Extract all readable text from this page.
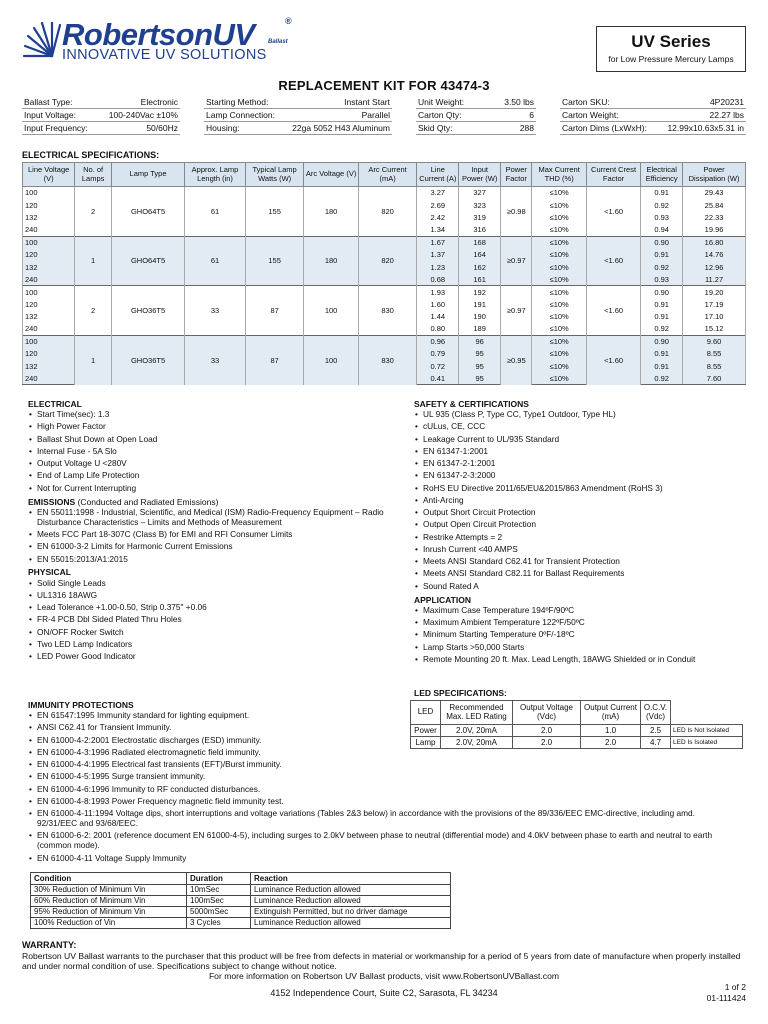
RobertsonUV	®
Ballast
INNOVATIVE UV SOLUTIONS
UV Series
for Low Pressure Mercury Lamps
REPLACEMENT KIT FOR 43474-3
Ballast Type:	Electronic
Input Voltage:	100-240Vac ±10%
Input Frequency:	50/60Hz
Starting Method:	Instant Start
Lamp Connection:	Parallel
Housing:	22ga 5052 H43 Aluminum
Unit Weight:	3.50 lbs
Carton Qty:	6
Skid Qty:	288
Carton SKU:	4P20231
Carton Weight:	22.27 lbs
Carton Dims (LxWxH): 12.99x10.63x5.31 in
ELECTRICAL SPECIFICATIONS:
Line Voltage (V)	No. of Lamps	Lamp Type	Approx. Lamp Length (in)	Typical Lamp Watts (W)	Arc Voltage (V)	Arc Current (mA)	Line Current (A)	Input Power (W)	Power Factor	Max Current THD (%)	Current Crest Factor	Electrical Efficiency	Power Dissipation (W)
100	2	GHO64T5	61	155	180	820	3.27	327	≥0.98	≤10%	<1.60	0.91	29.43
120							2.69	323		≤10%		0.92	25.84
132							2.42	319		≤10%		0.93	22.33
240							1.34	316		≤10%		0.94	19.96
100	1	GHO64T5	61	155	180	820	1.67	168	≥0.97	≤10%	<1.60	0.90	16.80
120							1.37	164		≤10%		0.91	14.76
132							1.23	162		≤10%		0.92	12.96
240							0.68	161		≤10%		0.93	11.27
100	2	GHO36T5	33	87	100	830	1.93	192	≥0.97	≤10%	<1.60	0.90	19.20
120							1.60	191		≤10%		0.91	17.19
132							1.44	190		≤10%		0.91	17.10
240							0.80	189		≤10%		0.92	15.12
100	1	GHO36T5	33	87	100	830	0.96	96	≥0.95	≤10%	<1.60	0.90	9.60
120							0.79	95		≤10%		0.91	8.55
132							0.72	95		≤10%		0.91	8.55
240							0.41	95		≤10%		0.92	7.60
ELECTRICAL
• Start Time(sec): 1.3
• High Power Factor
• Ballast Shut Down at Open Load
• Internal Fuse - 5A Slo
• Output Voltage U <280V
• End of Lamp Life Protection
• Not for Current Interrupting
EMISSIONS (Conducted and Radiated Emissions)
• EN 55011:1998 - Industrial, Scientific, and Medical (ISM) Radio-Frequency Equipment – Radio Disturbance Characteristics – Limits and Methods of Measurement
• Meets FCC Part 18-307C (Class B) for EMI and RFI Consumer Limits
• EN 61000-3-2 Limits for Harmonic Current Emissions
• EN 55015:2013/A1:2015
PHYSICAL
• Solid Single Leads
• UL1316 18AWG
• Lead Tolerance +1.00-0.50, Strip 0.375" +0.06
• FR-4 PCB Dbl Sided Plated Thru Holes
• ON/OFF Rocker Switch
• Two LED Lamp Indicators
• LED Power Good Indicator
IMMUNITY PROTECTIONS
• EN 61547:1995 Immunity standard for lighting equipment.
• ANSI C62.41 for Transient Immunity.
• EN 61000-4-2:2001 Electrostatic discharges (ESD) immunity.
• EN 61000-4-3:1996 Radiated electromagnetic field immunity.
• EN 61000-4-4:1995 Electrical fast transients (EFT)/Burst immunity.
• EN 61000-4-5:1995 Surge transient immunity.
• EN 61000-4-6:1996 Immunity to RF conducted disturbances.
• EN 61000-4-8:1993 Power Frequency magnetic field immunity test.
• EN 61000-4-11:1994 Voltage dips, short interruptions and voltage variations (Tables 2&3 below) in accordance with the provisions of the 89/336/EEC EMC-directive, including amd. 92/31/EEC and 93/68/EEC.
• EN 61000-6-2: 2001 (reference document EN 61000-4-5), including surges to 2.0kV between phase to neutral (differential mode) and 4.0kV between phase to earth and neutral to earth (common mode).
• EN 61000-4-11 Voltage Supply Immunity
Condition	Duration	Reaction
30% Reduction of Minimum Vin	10mSec	Luminance Reduction allowed
60% Reduction of Minimum Vin	100mSec	Luminance Reduction allowed
95% Reduction of Minimum Vin	5000mSec	Extinguish Permitted, but no driver damage
100% Reduction of Vin	3 Cycles	Luminance Reduction allowed
SAFETY & CERTIFICATIONS
• UL 935 (Class P, Type CC, Type1 Outdoor, Type HL)
• cULus, CE, CCC
• Leakage Current to UL/935 Standard
• EN 61347-1:2001
• EN 61347-2-1:2001
• EN 61347-2-3:2000
• RoHS EU Directive 2011/65/EU&2015/863 Amendment (RoHS 3)
• Anti-Arcing
• Output Short Circuit Protection
• Output Open Circuit Protection
• Restrike Attempts = 2
• Inrush Current <40 AMPS
• Meets ANSI Standard C62.41 for Transient Protection
• Meets ANSI Standard C82.11 for Ballast Requirements
• Sound Rated A
APPLICATION
• Maximum Case Temperature 194ºF/90ºC
• Maximum Ambient Temperature 122ºF/50ºC
• Minimum Starting Temperature 0ºF/-18ºC
• Lamp Starts >50,000 Starts
• Remote Mounting 20 ft. Max. Lead Length, 18AWG Shielded or in Conduit
LED SPECIFICATIONS:
LED	Recommended Max. LED Rating	Output Voltage (Vdc)	Output Current (mA)	O.C.V. (Vdc)	
Power	2.0V, 20mA	2.0	1.0	2.5	LED Is Not Isolated
Lamp	2.0V, 20mA	2.0	2.0	4.7	LED Is Isolated
WARRANTY:
Robertson UV Ballast warrants to the purchaser that this product will be free from defects in material or workmanship for a period of 5 years from date of manufacture when properly installed and under normal condition of use. Specifications subject to change without notice.
For more information on Robertson UV Ballast products, visit www.RobertsonUVBallast.com
4152 Independence Court, Suite C2, Sarasota, FL 34234
1 of 2
01-111424
